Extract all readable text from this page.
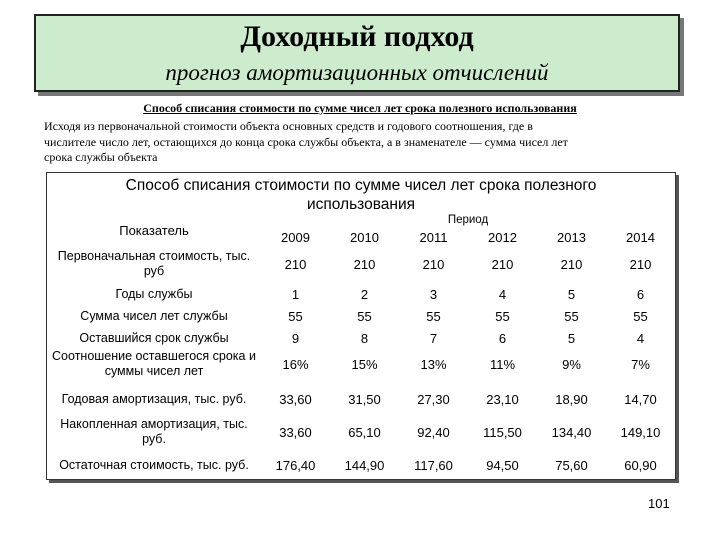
Доходный подход
прогноз амортизационных отчислений
Способ списания стоимости по сумме чисел лет срока полезного использования
Исходя из первоначальной стоимости объекта основных средств и годового соотношения, где в
числителе число лет, остающихся до конца срока службы объекта, а в знаменателе — сумма чисел лет
срока службы объекта
Способ списания стоимости по сумме чисел лет срока полезного
использования
Показатель
Период
2009	2010	2011	2012	2013	2014
Первоначальная стоимость, тыс. руб	210	210	210	210	210	210
Годы службы	1	2	3	4	5	6
Сумма чисел лет службы	55	55	55	55	55	55
Оставшийся срок службы	9	8	7	6	5	4
Соотношение оставшегося срока и суммы чисел лет	16%	15%	13%	11%	9%	7%
Годовая амортизация, тыс. руб.	33,60	31,50	27,30	23,10	18,90	14,70
Накопленная амортизация, тыс. руб.	33,60	65,10	92,40	115,50	134,40	149,10
Остаточная стоимость, тыс. руб.	176,40	144,90	117,60	94,50	75,60	60,90
101
